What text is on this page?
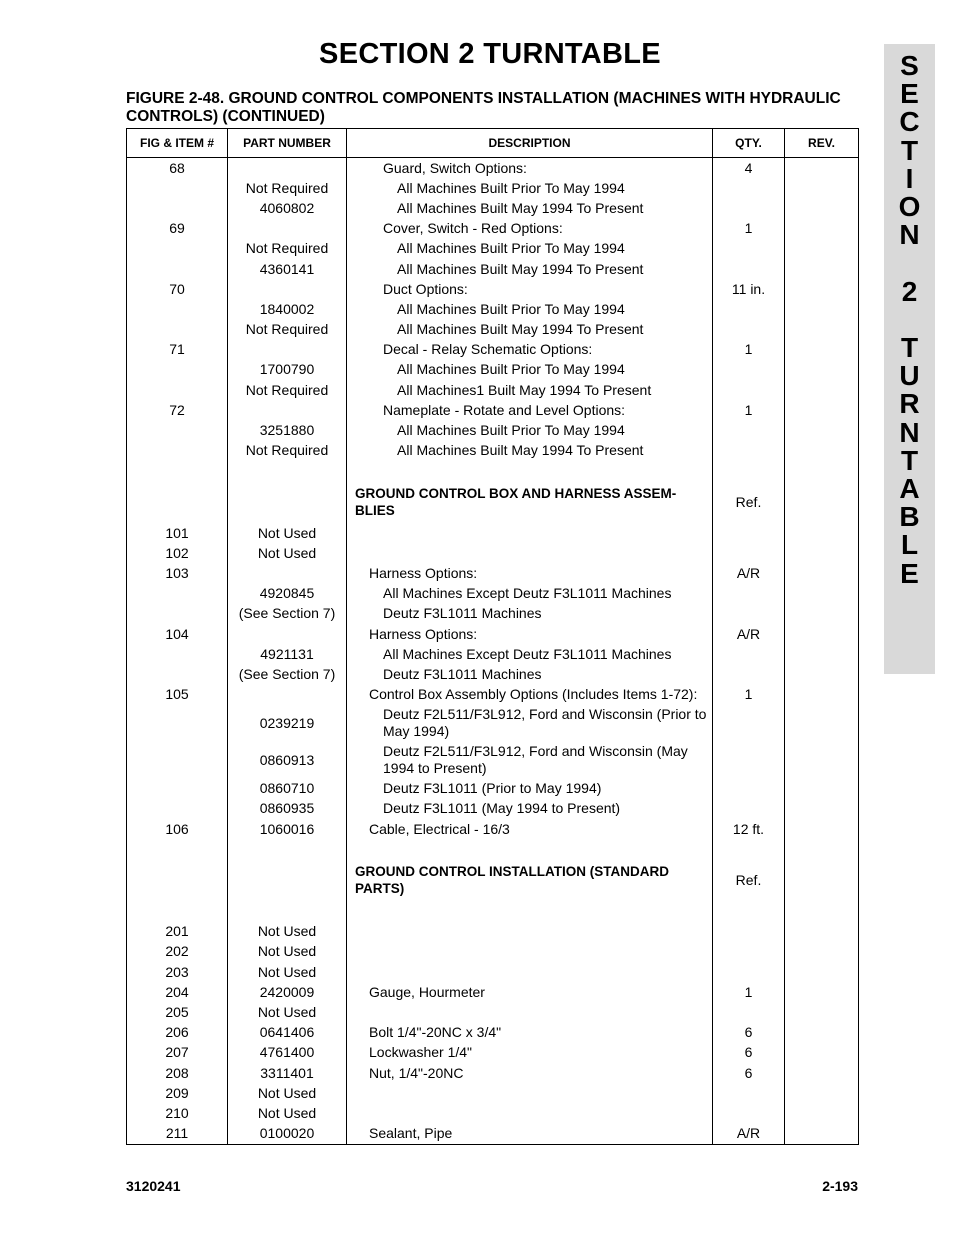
SECTION 2 TURNTABLE
FIGURE 2-48. GROUND CONTROL COMPONENTS INSTALLATION (MACHINES WITH HYDRAULIC CONTROLS) (CONTINUED)
S
E
C
T
I
O
N

2

T
U
R
N
T
A
B
L
E
FIG & ITEM #	PART NUMBER	DESCRIPTION	QTY.	REV.
68		Guard, Switch Options:	4	
	Not Required	All Machines Built Prior To May 1994		

	4060802	All Machines Built May 1994 To Present		

69		Cover, Switch - Red Options:	1	
	Not Required	All Machines Built Prior To May 1994		

	4360141	All Machines Built May 1994 To Present		

70		Duct Options:	11 in.	
	1840002	All Machines Built Prior To May 1994		

	Not Required	All Machines Built May 1994 To Present		

71		Decal - Relay Schematic Options:	1	
	1700790	All Machines Built Prior To May 1994		

	Not Required	All Machines1 Built May 1994 To Present		

72		Nameplate - Rotate and Level Options:	1	
	3251880	All Machines Built Prior To May 1994		

	Not Required	All Machines Built May 1994 To Present		

		GROUND CONTROL BOX AND HARNESS ASSEM-BLIES	Ref.	
101	Not Used	

102	Not Used	

103		Harness Options:	A/R	
	4920845	All Machines Except Deutz F3L1011 Machines		

	(See Section 7)	Deutz F3L1011 Machines		

104		Harness Options:	A/R	
	4921131	All Machines Except Deutz F3L1011 Machines		

	(See Section 7)	Deutz F3L1011 Machines		

105		Control Box Assembly Options (Includes Items 1-72):	1	
	0239219	Deutz F2L511/F3L912, Ford and Wisconsin (Prior to May 1994)		

	0860913	Deutz F2L511/F3L912, Ford and Wisconsin (May 1994 to Present)		

	0860710	Deutz F3L1011 (Prior to May 1994)		

	0860935	Deutz F3L1011 (May 1994 to Present)		

106	1060016	Cable, Electrical - 16/3	12 ft.	

		GROUND CONTROL INSTALLATION (STANDARD PARTS)	Ref.	

201	Not Used	

202	Not Used	

203	Not Used	

204	2420009	Gauge, Hourmeter	1	
205	Not Used	

206	0641406	Bolt 1/4"-20NC x 3/4"	6	
207	4761400	Lockwasher 1/4"	6	
208	3311401	Nut, 1/4"-20NC	6	
209	Not Used	

210	Not Used	

211	0100020	Sealant, Pipe	A/R	
3120241	2-193
